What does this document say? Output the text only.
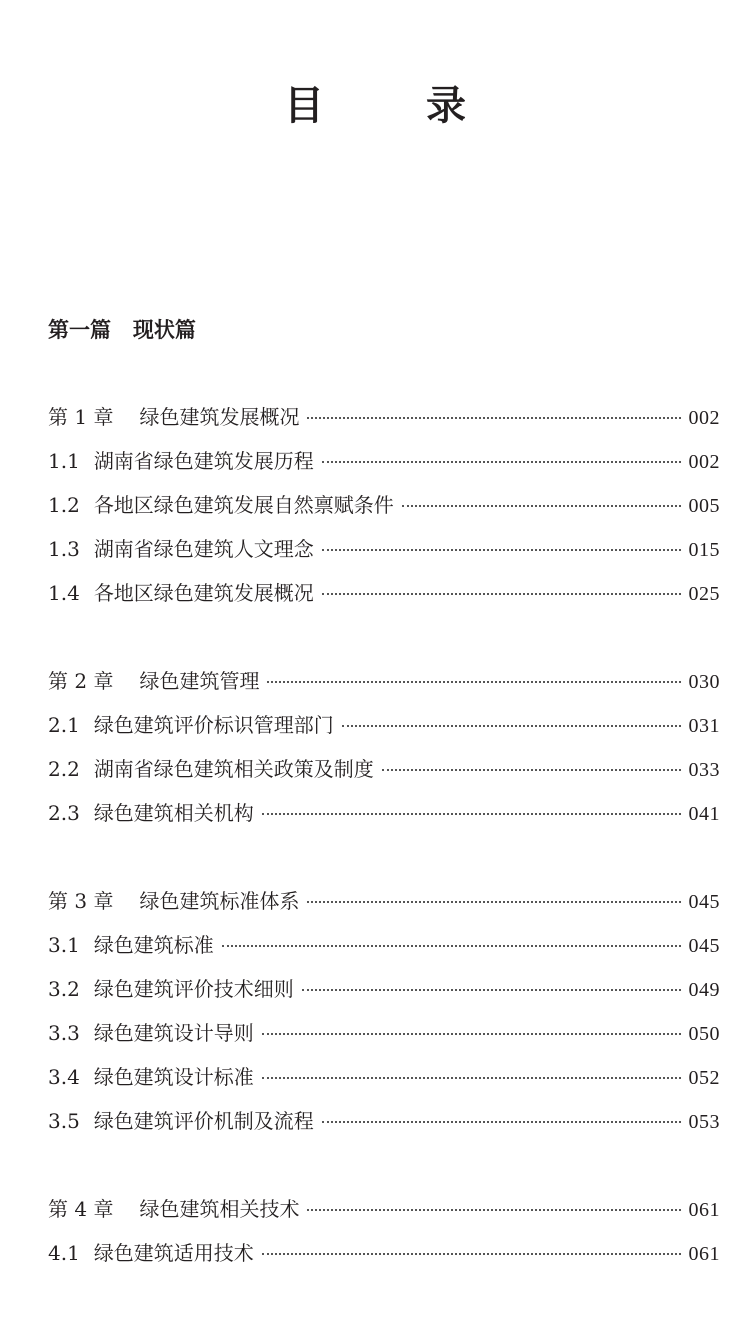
目 录
第一篇   现状篇
第 1 章 绿色建筑发展概况	002
1.1 湖南省绿色建筑发展历程	002
1.2 各地区绿色建筑发展自然禀赋条件	005
1.3 湖南省绿色建筑人文理念	015
1.4 各地区绿色建筑发展概况	025
第 2 章 绿色建筑管理	030
2.1 绿色建筑评价标识管理部门	031
2.2 湖南省绿色建筑相关政策及制度	033
2.3 绿色建筑相关机构	041
第 3 章 绿色建筑标准体系	045
3.1 绿色建筑标准	045
3.2 绿色建筑评价技术细则	049
3.3 绿色建筑设计导则	050
3.4 绿色建筑设计标准	052
3.5 绿色建筑评价机制及流程	053
第 4 章 绿色建筑相关技术	061
4.1 绿色建筑适用技术	061
